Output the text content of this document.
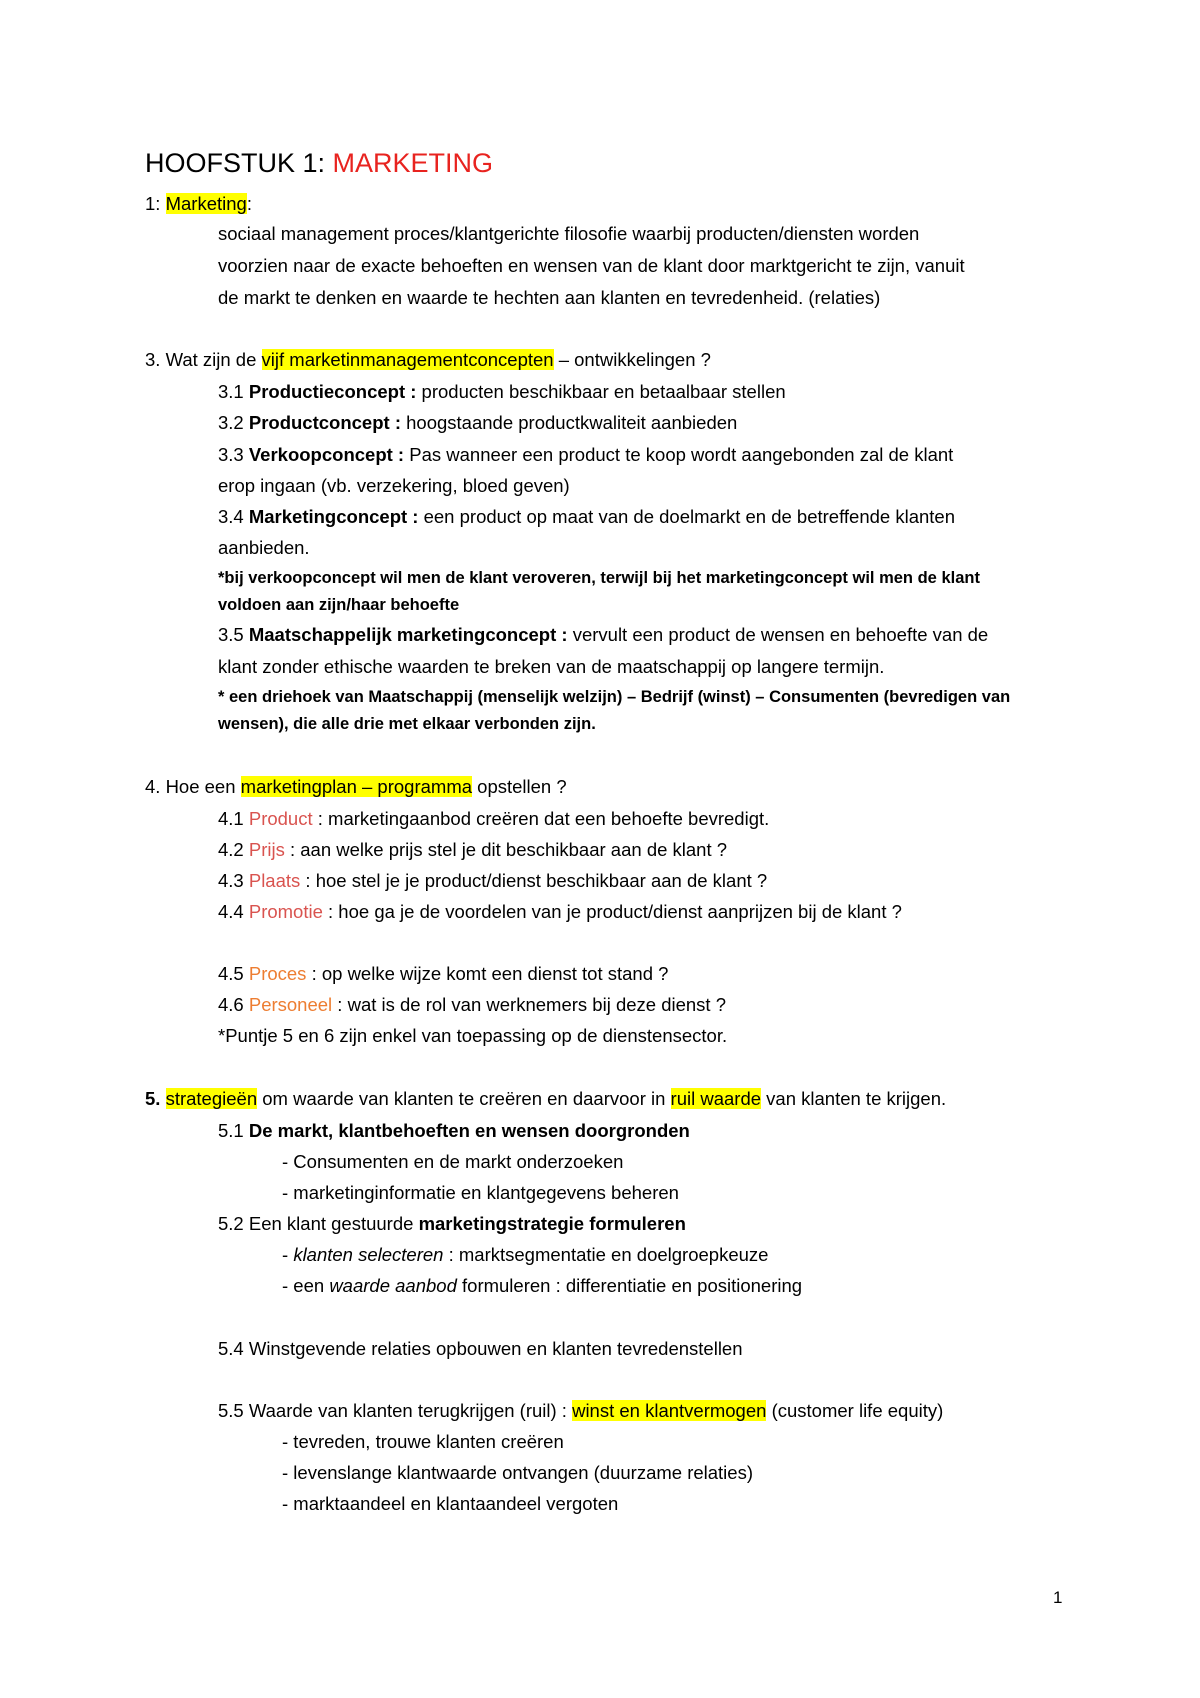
HOOFSTUK 1: MARKETING
1: Marketing:
sociaal management proces/klantgerichte filosofie waarbij producten/diensten worden
voorzien naar de exacte behoeften en wensen van de klant door marktgericht te zijn, vanuit
de markt te denken en waarde te hechten aan klanten en tevredenheid. (relaties)
3. Wat zijn de vijf marketinmanagementconcepten – ontwikkelingen ?
3.1 Productieconcept : producten beschikbaar en betaalbaar stellen
3.2 Productconcept : hoogstaande productkwaliteit aanbieden
3.3 Verkoopconcept : Pas wanneer een product te koop wordt aangebonden zal de klant
erop ingaan (vb. verzekering, bloed geven)
3.4 Marketingconcept : een product op maat van de doelmarkt en de betreffende klanten
aanbieden.
*bij verkoopconcept wil men de klant veroveren, terwijl bij het marketingconcept wil men de klant
voldoen aan zijn/haar behoefte
3.5 Maatschappelijk marketingconcept : vervult een product de wensen en behoefte van de
klant zonder ethische waarden te breken van de maatschappij op langere termijn.
* een driehoek van Maatschappij (menselijk welzijn) – Bedrijf (winst) – Consumenten (bevredigen van
wensen), die alle drie met elkaar verbonden zijn.
4. Hoe een marketingplan – programma opstellen ?
4.1 Product : marketingaanbod creëren dat een behoefte bevredigt.
4.2 Prijs : aan welke prijs stel je dit beschikbaar aan de klant ?
4.3 Plaats : hoe stel je je product/dienst beschikbaar aan de klant ?
4.4 Promotie : hoe ga je de voordelen van je product/dienst aanprijzen bij de klant ?
4.5 Proces : op welke wijze komt een dienst tot stand ?
4.6 Personeel : wat is de rol van werknemers bij deze dienst ?
*Puntje 5 en 6 zijn enkel van toepassing op de dienstensector.
5. strategieën om waarde van klanten te creëren en daarvoor in ruil waarde van klanten te krijgen.
5.1 De markt, klantbehoeften en wensen doorgronden
- Consumenten en de markt onderzoeken
- marketinginformatie en klantgegevens beheren
5.2 Een klant gestuurde marketingstrategie formuleren
- klanten selecteren : marktsegmentatie en doelgroepkeuze
- een waarde aanbod formuleren : differentiatie en positionering
5.4 Winstgevende relaties opbouwen en klanten tevredenstellen
5.5 Waarde van klanten terugkrijgen (ruil) : winst en klantvermogen (customer life equity)
- tevreden, trouwe klanten creëren
- levenslange klantwaarde ontvangen (duurzame relaties)
- marktaandeel en klantaandeel vergoten
1
